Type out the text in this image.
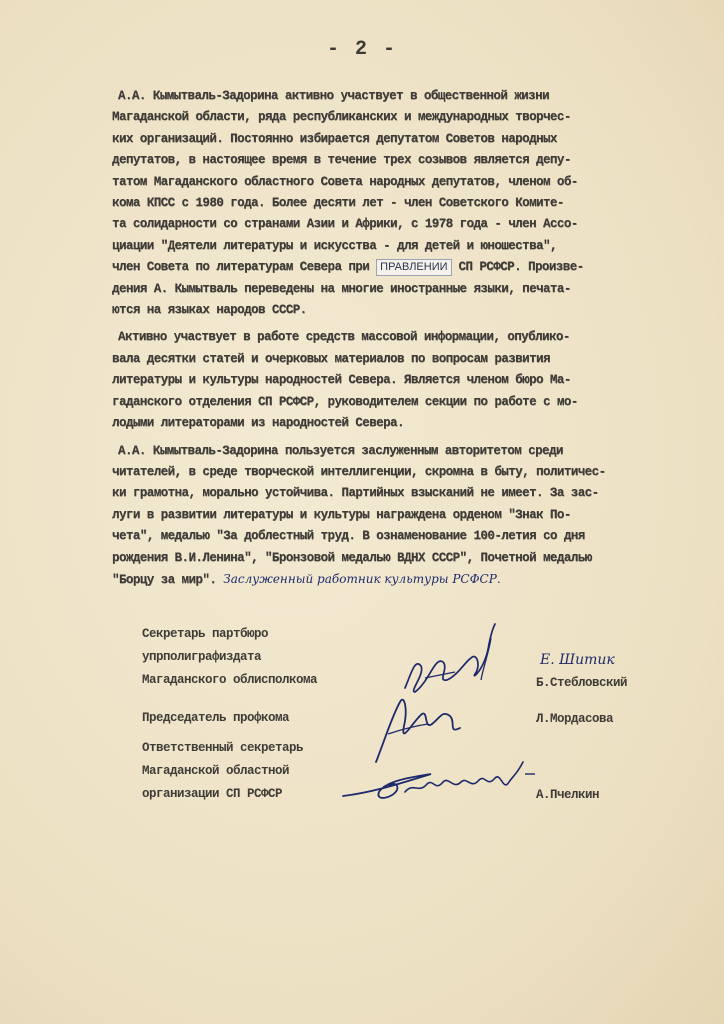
- 2 -
А.А. Кымытваль-Задорина активно участвует в общественной жизни
Магаданской области, ряда республиканских и международных творчес-
ких организаций. Постоянно избирается депутатом Советов народных
депутатов, в настоящее время в течение трех созывов является депу-
татом Магаданского областного Совета народных депутатов, членом об-
кома КПСС с 1980 года. Более десяти лет - член Советского Комите-
та солидарности со странами Азии и Африки, с 1978 года - член Ассо-
циации "Деятели литературы и искусства - для детей и юношества",
член Совета по литературам Севера при ПРАВЛЕНИИ СП РСФСР. Произве-
дения А. Кымытваль переведены на многие иностранные языки, печата-
ются на языках народов СССР.
Активно участвует в работе средств массовой информации, опублико-
вала десятки статей и очерковых материалов по вопросам развития
литературы и культуры народностей Севера. Является членом бюро Ма-
гаданского отделения СП РСФСР, руководителем секции по работе с мо-
лодыми литераторами из народностей Севера.
А.А. Кымытваль-Задорина пользуется заслуженным авторитетом среди
читателей, в среде творческой интеллигенции, скромна в быту, политичес-
ки грамотна, морально устойчива. Партийных взысканий не имеет. За зас-
луги в развитии литературы и культуры награждена орденом "Знак По-
чета", медалью "За доблестный труд. В ознаменование 100-летия со дня
рождения В.И.Ленина", "Бронзовой медалью ВДНХ СССР", Почетной медалью
"Борцу за мир". Заслуженный работник культуры РСФСР.
Секретарь партбюро
упрполиграфиздата
Магаданского облисполкома
Е. Шитик
Б.Стебловский
Председатель профкома	Л.Мордасова
Ответственный секретарь
Магаданской областной
организации СП РСФСР	А.Пчелкин
